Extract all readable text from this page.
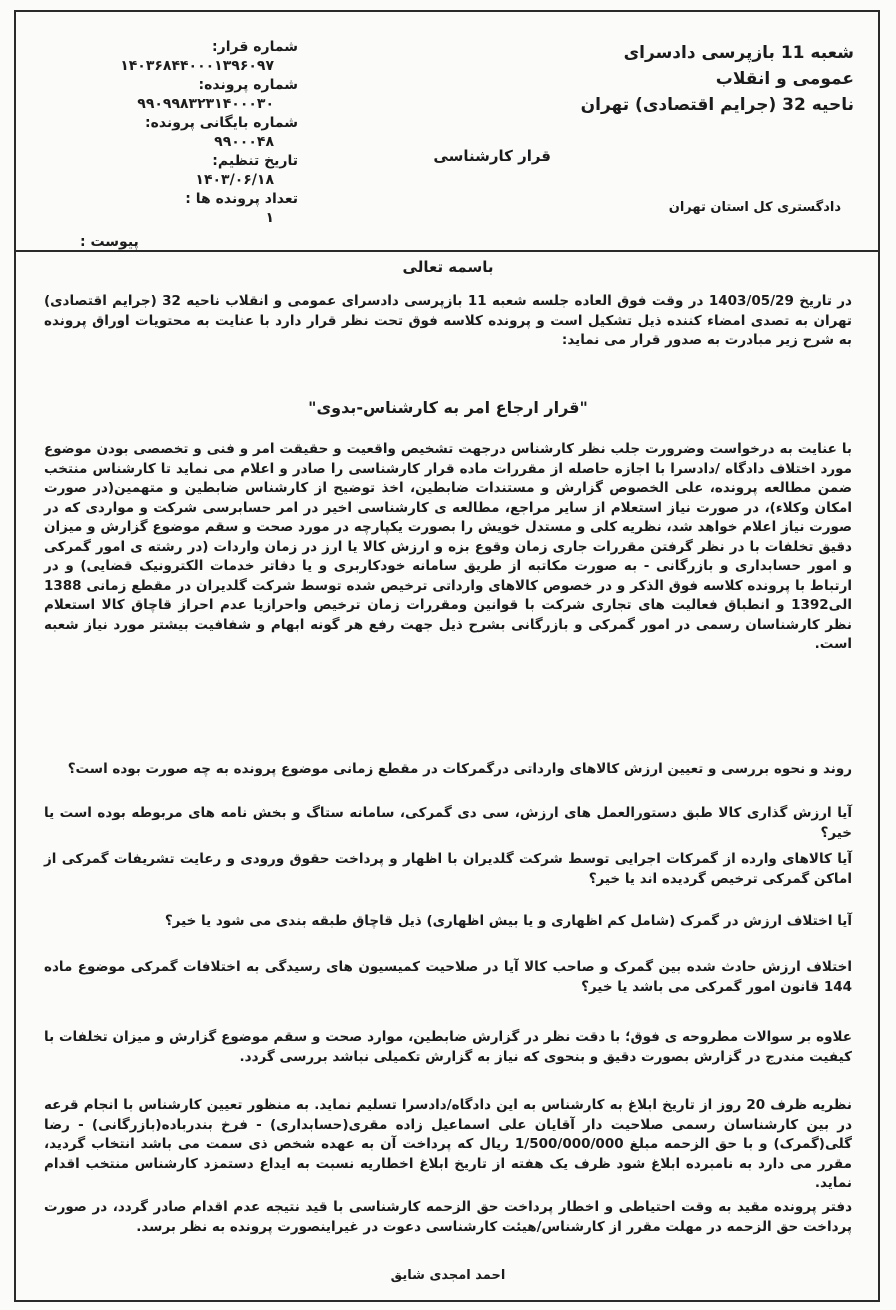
شعبه 11 بازپرسی دادسرای عمومی و انقلاب
ناحیه 32 (جرایم اقتصادی) تهران
شماره قرار:
۱۴۰۳۶۸۴۴۰۰۰۱۳۹۶۰۹۷
شماره پرونده:
۹۹۰۹۹۸۳۲۳۱۴۰۰۰۳۰
شماره بایگانی پرونده:
۹۹۰۰۰۴۸
تاریخ تنظیم:
۱۴۰۳/۰۶/۱۸
تعداد پرونده ها :
۱
قرار کارشناسی
دادگستری کل استان تهران
پیوست :
باسمه تعالی
در تاریخ 1403/05/29 در وقت فوق العاده جلسه شعبه 11 بازپرسی دادسرای عمومی و انقلاب ناحیه 32 (جرایم اقتصادی) تهران به تصدی امضاء کننده ذیل تشکیل است و پرونده کلاسه فوق تحت نظر قرار دارد با عنایت به محتویات اوراق پرونده به شرح زیر مبادرت به صدور قرار می نماید:
"قرار ارجاع امر به کارشناس-بدوی"
با عنایت به درخواست وضرورت جلب نظر کارشناس درجهت تشخیص واقعیت و حقیقت امر و فنی و تخصصی بودن موضوع مورد اختلاف دادگاه /دادسرا با اجازه حاصله از مقررات ماده قرار کارشناسی را صادر و اعلام می نماید تا کارشناس منتخب ضمن مطالعه پرونده، علی الخصوص گزارش و مستندات ضابطین، اخذ توضیح از کارشناس ضابطین و متهمین(در صورت امکان وکلاء)، در صورت نیاز استعلام از سایر مراجع، مطالعه ی کارشناسی اخیر در امر حسابرسی شرکت و مواردی که در صورت نیاز اعلام خواهد شد، نظریه کلی و مستدل خویش را بصورت یکپارچه در مورد صحت و سقم موضوع گزارش و میزان دقیق تخلفات با در نظر گرفتن مقررات جاری زمان وقوع بزه و ارزش کالا یا ارز در زمان واردات (در رشته ی امور گمرکی و امور حسابداری و بازرگانی - به صورت مکاتبه از طریق سامانه خودکاربری و یا دفاتر خدمات الکترونیک قضایی) و در ارتباط با پرونده کلاسه فوق الذکر و در خصوص کالاهای وارداتی ترخیص شده توسط شرکت گلدیران در مقطع زمانی 1388 الی1392 و انطباق فعالیت های تجاری شرکت با قوانین ومقررات زمان ترخیص واحرازیا عدم احراز قاچاق کالا استعلام نظر کارشناسان رسمی در امور گمرکی و بازرگانی بشرح ذیل جهت رفع هر گونه ابهام و شفافیت بیشتر مورد نیاز شعبه است.
روند و نحوه بررسی و تعیین ارزش کالاهای وارداتی درگمرکات در مقطع زمانی موضوع پرونده به چه صورت بوده است؟
آیا ارزش گذاری کالا طبق دستورالعمل های ارزش، سی دی گمرکی، سامانه ستاگ و بخش نامه های مربوطه بوده است یا خیر؟
آیا کالاهای وارده از گمرکات اجرایی توسط شرکت گلدیران با اظهار و پرداخت حقوق ورودی و رعایت تشریفات گمرکی از اماکن گمرکی ترخیص گردیده اند یا خیر؟
آیا اختلاف ارزش در گمرک (شامل کم اظهاری و یا بیش اظهاری) ذیل قاچاق طبقه بندی می شود یا خیر؟
اختلاف ارزش حادث شده بین گمرک و صاحب کالا آیا در صلاحیت کمیسیون های رسیدگی به اختلافات گمرکی موضوع ماده 144 قانون امور گمرکی می باشد یا خیر؟
علاوه بر سوالات مطروحه ی فوق؛ با دقت نظر در گزارش ضابطین، موارد صحت و سقم موضوع گزارش و میزان تخلفات با کیفیت مندرج در گزارش بصورت دقیق و بنحوی که نیاز به گزارش تکمیلی نباشد بررسی گردد.
نظریه ظرف 20 روز از تاریخ ابلاغ به کارشناس به این دادگاه/دادسرا تسلیم نماید. به منظور تعیین کارشناس با انجام قرعه در بین کارشناسان رسمی صلاحیت دار آقایان علی اسماعیل زاده مقری(حسابداری) - فرخ بندرباده(بازرگانی) - رضا گلی(گمرک) و با حق الزحمه مبلغ 1/500/000/000 ریال که پرداخت آن به عهده شخص ذی سمت می باشد انتخاب گردید، مقرر می دارد به نامبرده ابلاغ شود ظرف یک هفته از تاریخ ابلاغ اخطاریه نسبت به ایداع دستمزد کارشناس منتخب اقدام نماید.
دفتر پرونده مقید به وقت احتیاطی و اخطار پرداخت حق الزحمه کارشناسی با قید نتیجه عدم اقدام صادر گردد، در صورت پرداخت حق الزحمه در مهلت مقرر از کارشناس/هیئت کارشناسی دعوت در غیراینصورت پرونده به نظر برسد.
احمد امجدی شایق
